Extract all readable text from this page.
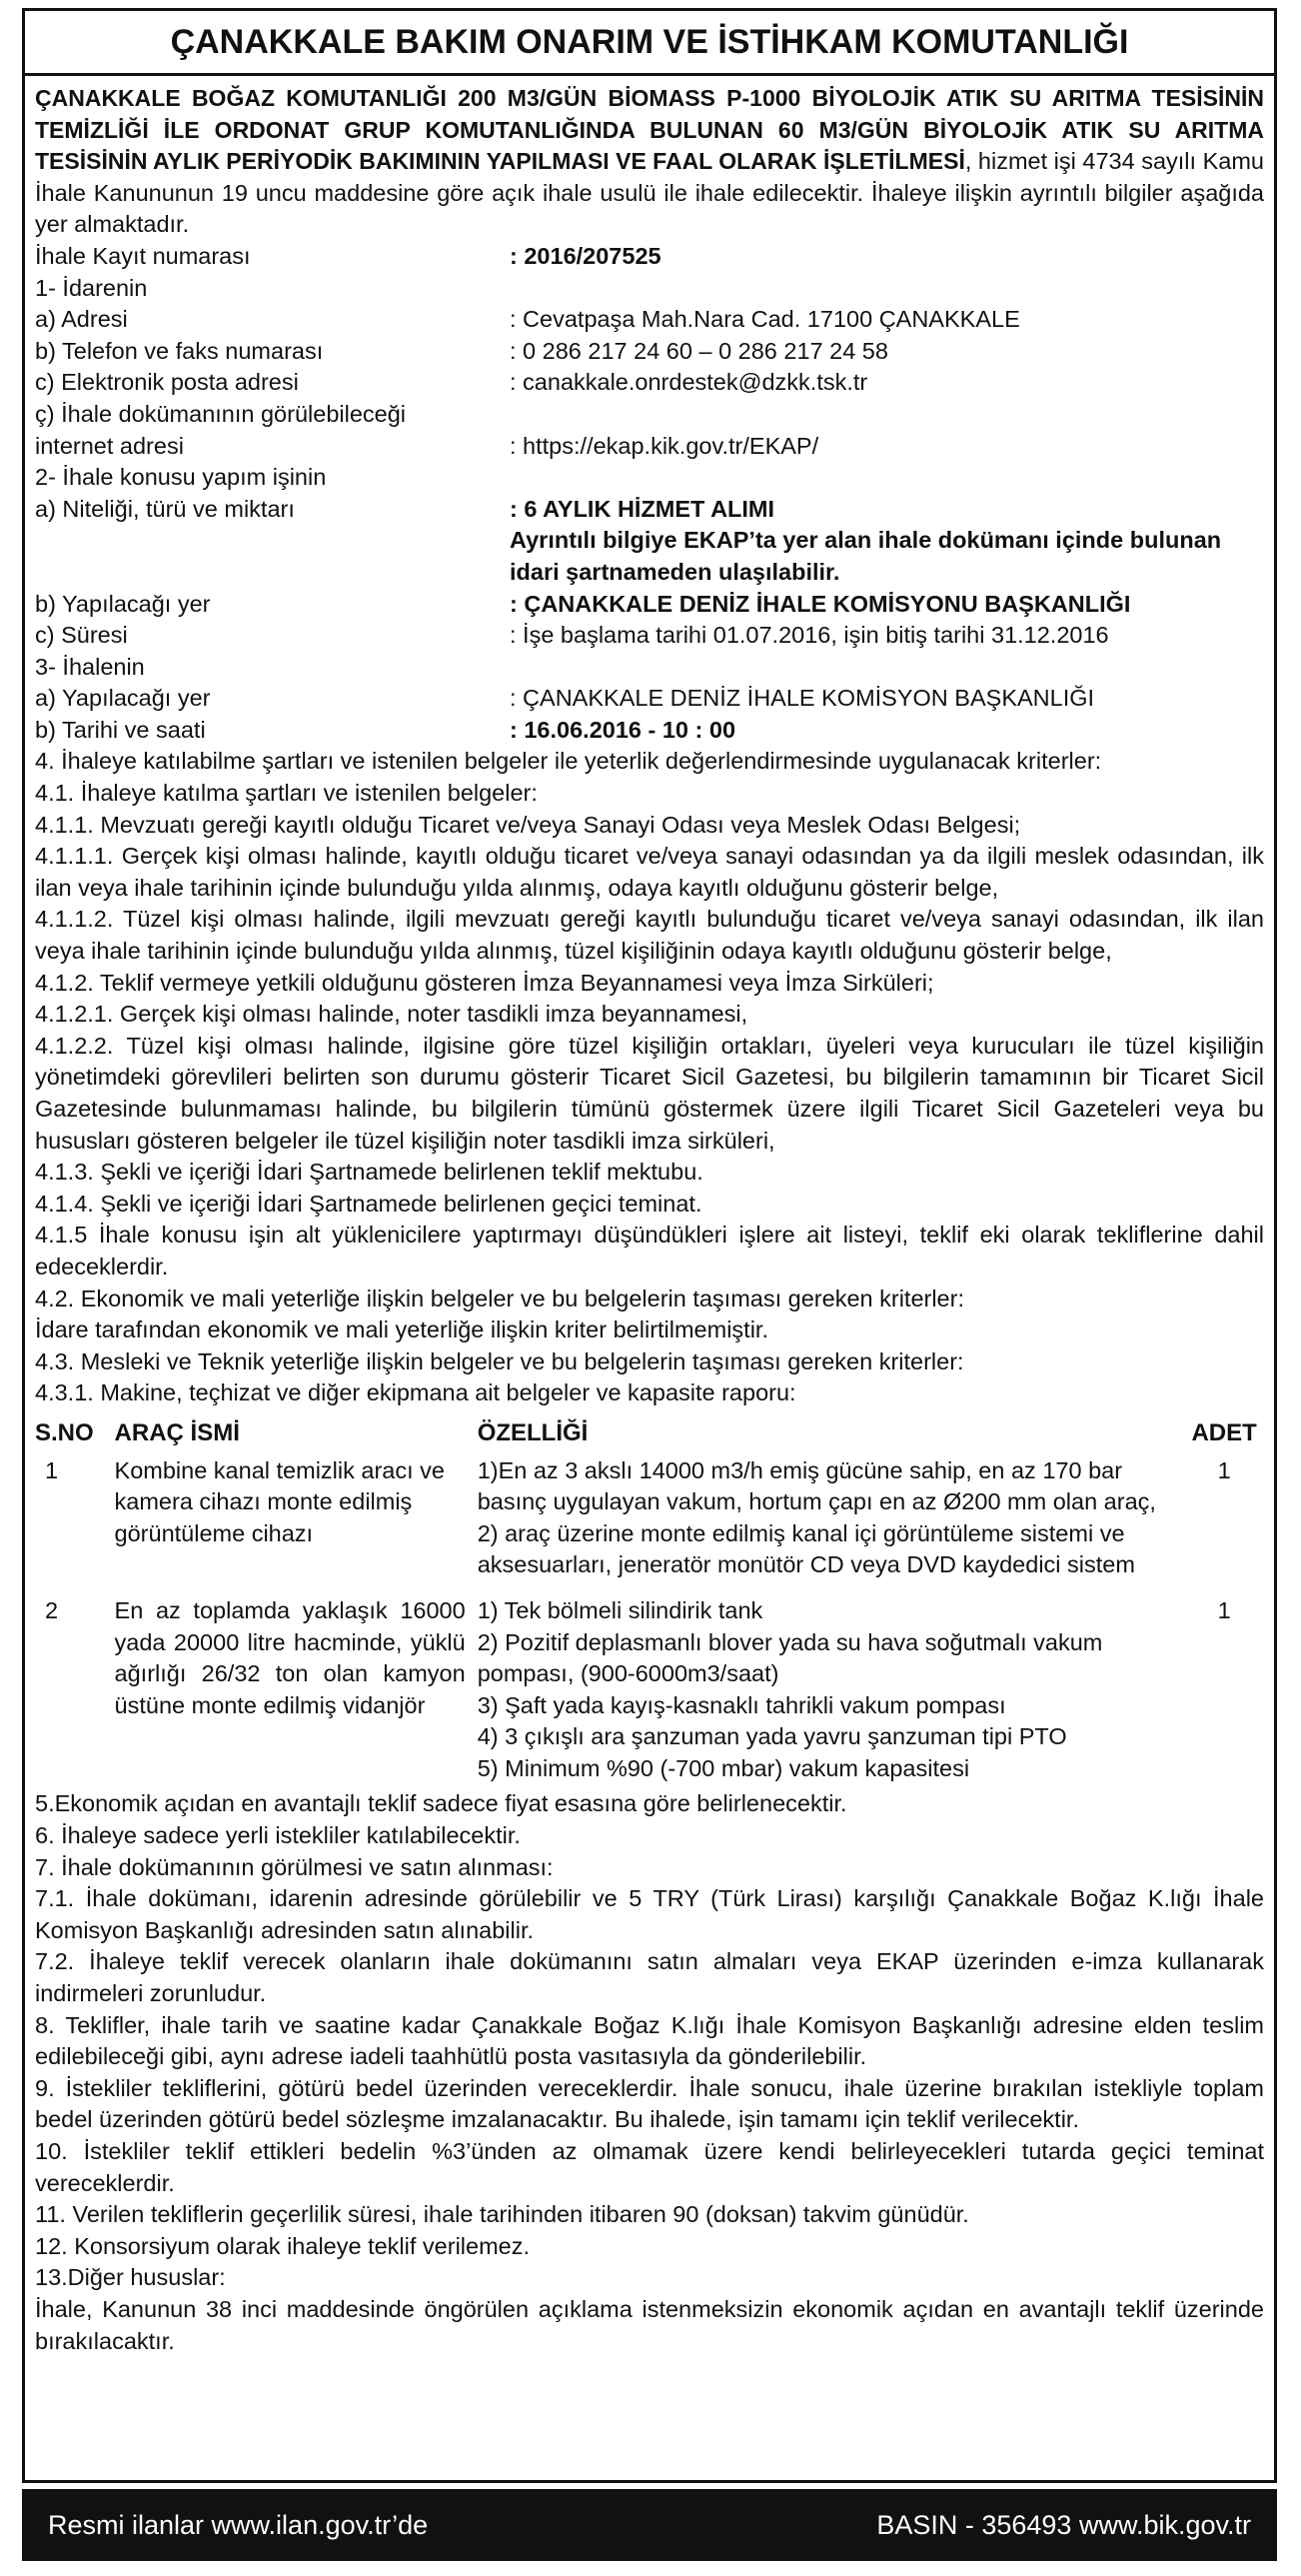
ÇANAKKALE BAKIM ONARIM VE İSTİHKAM KOMUTANLIĞI

ÇANAKKALE BOĞAZ KOMUTANLIĞI 200 M3/GÜN BİOMASS P-1000 BİYOLOJİK ATIK SU ARITMA TESİSİNİN TEMİZLİĞİ İLE ORDONAT GRUP KOMUTANLIĞINDA BULUNAN 60 M3/GÜN BİYOLOJİK ATIK SU ARITMA TESİSİNİN AYLIK PERİYODİK BAKIMININ YAPILMASI VE FAAL OLARAK İŞLETİLMESİ, hizmet işi 4734 sayılı Kamu İhale Kanununun 19 uncu maddesine göre açık ihale usulü ile ihale edilecektir. İhaleye ilişkin ayrıntılı bilgiler aşağıda yer almaktadır.

İhale Kayıt numarası	: 2016/207525

1- İdarenin

a) Adresi	: Cevatpaşa Mah.Nara Cad. 17100 ÇANAKKALE
b) Telefon ve faks numarası	: 0 286 217 24 60 – 0 286 217 24 58
c) Elektronik posta adresi	: canakkale.onrdestek@dzkk.tsk.tr

ç) İhale dokümanının görülebileceği

internet adresi	: https://ekap.kik.gov.tr/EKAP/

2- İhale konusu yapım işinin

a) Niteliği, türü ve miktarı	: 6 AYLIK HİZMET ALIMI
Ayrıntılı bilgiye EKAP’ta yer alan ihale dokümanı içinde bulunan idari şartnameden ulaşılabilir.
b) Yapılacağı yer	: ÇANAKKALE DENİZ İHALE KOMİSYONU BAŞKANLIĞI
c) Süresi	: İşe başlama tarihi 01.07.2016, işin bitiş tarihi 31.12.2016

3- İhalenin

a) Yapılacağı yer	: ÇANAKKALE DENİZ İHALE KOMİSYON BAŞKANLIĞI
b) Tarihi ve saati	: 16.06.2016 - 10 : 00

4. İhaleye katılabilme şartları ve istenilen belgeler ile yeterlik değerlendirmesinde uygulanacak kriterler:

4.1. İhaleye katılma şartları ve istenilen belgeler:

4.1.1. Mevzuatı gereği kayıtlı olduğu Ticaret ve/veya Sanayi Odası veya Meslek Odası Belgesi;

4.1.1.1. Gerçek kişi olması halinde, kayıtlı olduğu ticaret ve/veya sanayi odasından ya da ilgili meslek odasından, ilk ilan veya ihale tarihinin içinde bulunduğu yılda alınmış, odaya kayıtlı olduğunu gösterir belge,

4.1.1.2. Tüzel kişi olması halinde, ilgili mevzuatı gereği kayıtlı bulunduğu ticaret ve/veya sanayi odasından, ilk ilan veya ihale tarihinin içinde bulunduğu yılda alınmış, tüzel kişiliğinin odaya kayıtlı olduğunu gösterir belge,

4.1.2. Teklif vermeye yetkili olduğunu gösteren İmza Beyannamesi veya İmza Sirküleri;

4.1.2.1. Gerçek kişi olması halinde, noter tasdikli imza beyannamesi,

4.1.2.2. Tüzel kişi olması halinde, ilgisine göre tüzel kişiliğin ortakları, üyeleri veya kurucuları ile tüzel kişiliğin yönetimdeki görevlileri belirten son durumu gösterir Ticaret Sicil Gazetesi, bu bilgilerin tamamının bir Ticaret Sicil Gazetesinde bulunmaması halinde, bu bilgilerin tümünü göstermek üzere ilgili Ticaret Sicil Gazeteleri veya bu hususları gösteren belgeler ile tüzel kişiliğin noter tasdikli imza sirküleri,

4.1.3. Şekli ve içeriği İdari Şartnamede belirlenen teklif mektubu.

4.1.4. Şekli ve içeriği İdari Şartnamede belirlenen geçici teminat.

4.1.5 İhale konusu işin alt yüklenicilere yaptırmayı düşündükleri işlere ait listeyi, teklif eki olarak tekliflerine dahil edeceklerdir.

4.2. Ekonomik ve mali yeterliğe ilişkin belgeler ve bu belgelerin taşıması gereken kriterler:

İdare tarafından ekonomik ve mali yeterliğe ilişkin kriter belirtilmemiştir.

4.3. Mesleki ve Teknik yeterliğe ilişkin belgeler ve bu belgelerin taşıması gereken kriterler:

4.3.1. Makine, teçhizat ve diğer ekipmana ait belgeler ve kapasite raporu:

S.NO	ARAÇ İSMİ	ÖZELLİĞİ	ADET
1	Kombine kanal temizlik aracı ve kamera cihazı monte edilmiş görüntüleme cihazı	1)En az 3 akslı 14000 m3/h emiş gücüne sahip, en az 170 bar basınç uygulayan vakum, hortum çapı en az Ø200 mm olan araç,
2) araç üzerine monte edilmiş kanal içi görüntüleme sistemi ve aksesuarları, jeneratör monütör CD veya DVD kaydedici sistem	1
2	En az toplamda yaklaşık 16000 yada 20000 litre hacminde, yüklü ağırlığı 26/32 ton olan kamyon üstüne monte edilmiş vidanjör	1) Tek bölmeli silindirik tank
2) Pozitif deplasmanlı blover yada su hava soğutmalı vakum pompası, (900-6000m3/saat)
3) Şaft yada kayış-kasnaklı tahrikli vakum pompası
4) 3 çıkışlı ara şanzuman yada yavru şanzuman tipi PTO
5) Minimum %90 (-700 mbar) vakum kapasitesi	1

5.Ekonomik açıdan en avantajlı teklif sadece fiyat esasına göre belirlenecektir.

6. İhaleye sadece yerli istekliler katılabilecektir.

7. İhale dokümanının görülmesi ve satın alınması:

7.1. İhale dokümanı, idarenin adresinde görülebilir ve 5 TRY (Türk Lirası) karşılığı Çanakkale Boğaz K.lığı İhale Komisyon Başkanlığı adresinden satın alınabilir.

7.2. İhaleye teklif verecek olanların ihale dokümanını satın almaları veya EKAP üzerinden e-imza kullanarak indirmeleri zorunludur.

8. Teklifler, ihale tarih ve saatine kadar Çanakkale Boğaz K.lığı İhale Komisyon Başkanlığı adresine elden teslim edilebileceği gibi, aynı adrese iadeli taahhütlü posta vasıtasıyla da gönderilebilir.

9. İstekliler tekliflerini, götürü bedel üzerinden vereceklerdir. İhale sonucu, ihale üzerine bırakılan istekliyle toplam bedel üzerinden götürü bedel sözleşme imzalanacaktır. Bu ihalede, işin tamamı için teklif verilecektir.

10. İstekliler teklif ettikleri bedelin %3’ünden az olmamak üzere kendi belirleyecekleri tutarda geçici teminat vereceklerdir.

11. Verilen tekliflerin geçerlilik süresi, ihale tarihinden itibaren 90 (doksan) takvim günüdür.

12. Konsorsiyum olarak ihaleye teklif verilemez.

13.Diğer hususlar:

İhale, Kanunun 38 inci maddesinde öngörülen açıklama istenmeksizin ekonomik açıdan en avantajlı teklif üzerinde bırakılacaktır.

Resmi ilanlar www.ilan.gov.tr’de	BASIN - 356493 www.bik.gov.tr
